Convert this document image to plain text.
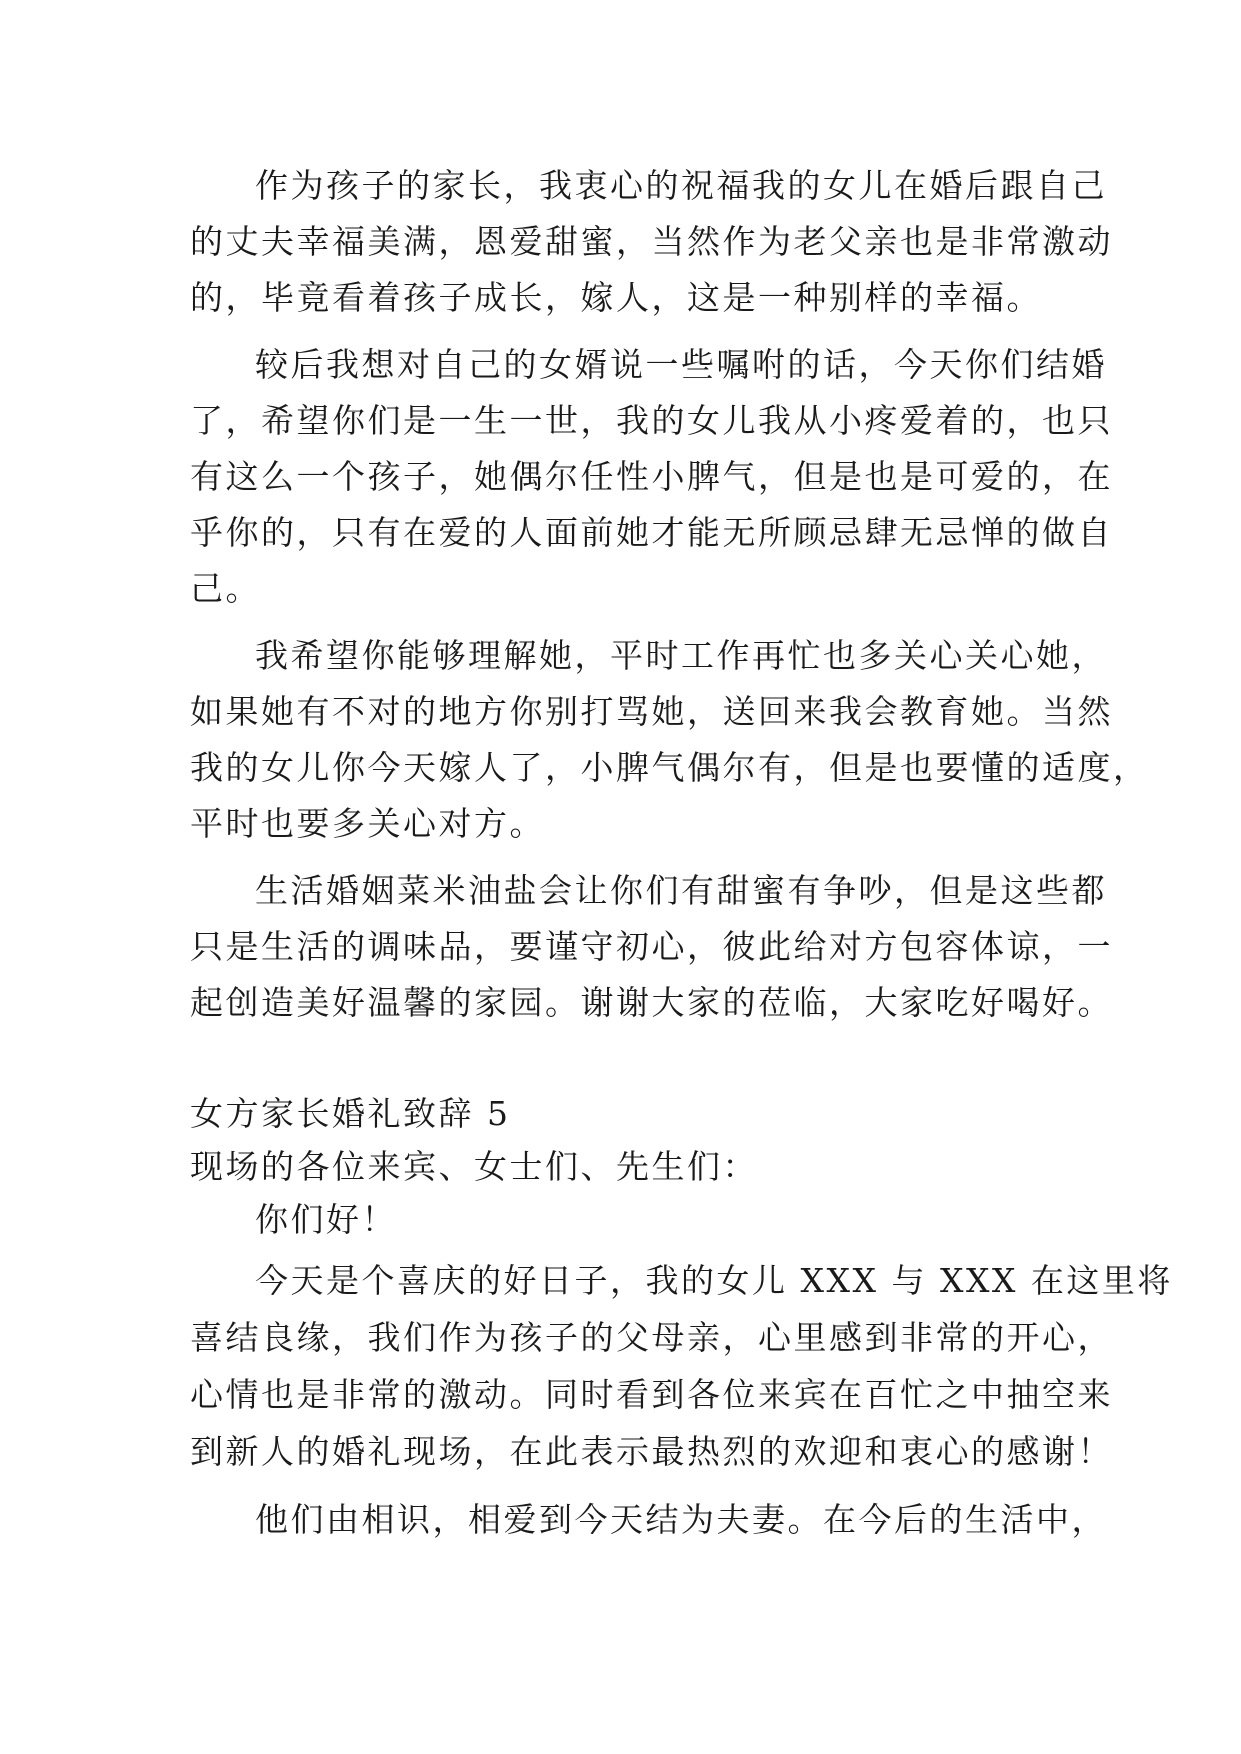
作为孩子的家长，我衷心的祝福我的女儿在婚后跟自己
的丈夫幸福美满，恩爱甜蜜，当然作为老父亲也是非常激动
的，毕竟看着孩子成长，嫁人，这是一种别样的幸福。
较后我想对自己的女婿说一些嘱咐的话，今天你们结婚
了，希望你们是一生一世，我的女儿我从小疼爱着的，也只
有这么一个孩子，她偶尔任性小脾气，但是也是可爱的，在
乎你的，只有在爱的人面前她才能无所顾忌肆无忌惮的做自
己。
我希望你能够理解她，平时工作再忙也多关心关心她，
如果她有不对的地方你别打骂她，送回来我会教育她。当然
我的女儿你今天嫁人了，小脾气偶尔有，但是也要懂的适度，
平时也要多关心对方。
生活婚姻菜米油盐会让你们有甜蜜有争吵，但是这些都
只是生活的调味品，要谨守初心，彼此给对方包容体谅，一
起创造美好温馨的家园。谢谢大家的莅临，大家吃好喝好。
女方家长婚礼致辞 5
现场的各位来宾、女士们、先生们：
你们好！
今天是个喜庆的好日子，我的女儿 XXX 与 XXX 在这里将
喜结良缘，我们作为孩子的父母亲，心里感到非常的开心，
心情也是非常的激动。同时看到各位来宾在百忙之中抽空来
到新人的婚礼现场，在此表示最热烈的欢迎和衷心的感谢！
他们由相识，相爱到今天结为夫妻。在今后的生活中，
